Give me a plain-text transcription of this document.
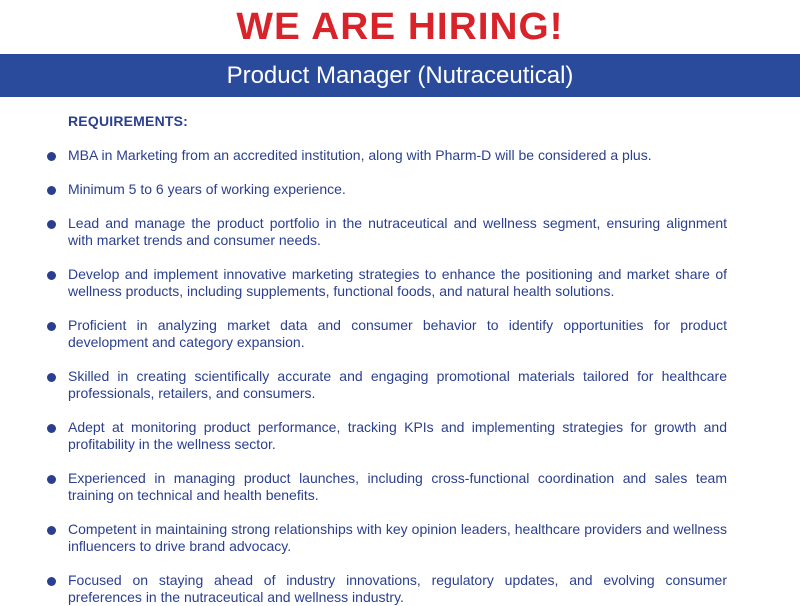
WE ARE HIRING!
Product Manager (Nutraceutical)
REQUIREMENTS:
MBA in Marketing from an accredited institution, along with Pharm-D will be considered a plus.
Minimum 5 to 6 years of working experience.
Lead and manage the product portfolio in the nutraceutical and wellness segment, ensuring alignment with market trends and consumer needs.
Develop and implement innovative marketing strategies to enhance the positioning and market share of wellness products, including supplements, functional foods, and natural health solutions.
Proficient in analyzing market data and consumer behavior to identify opportunities for product development and category expansion.
Skilled in creating scientifically accurate and engaging promotional materials tailored for healthcare professionals, retailers, and consumers.
Adept at monitoring product performance, tracking KPIs and implementing strategies for growth and profitability in the wellness sector.
Experienced in managing product launches, including cross-functional coordination and sales team training on technical and health benefits.
Competent in maintaining strong relationships with key opinion leaders, healthcare providers and wellness influencers to drive brand advocacy.
Focused on staying ahead of industry innovations, regulatory updates, and evolving consumer preferences in the nutraceutical and wellness industry.
